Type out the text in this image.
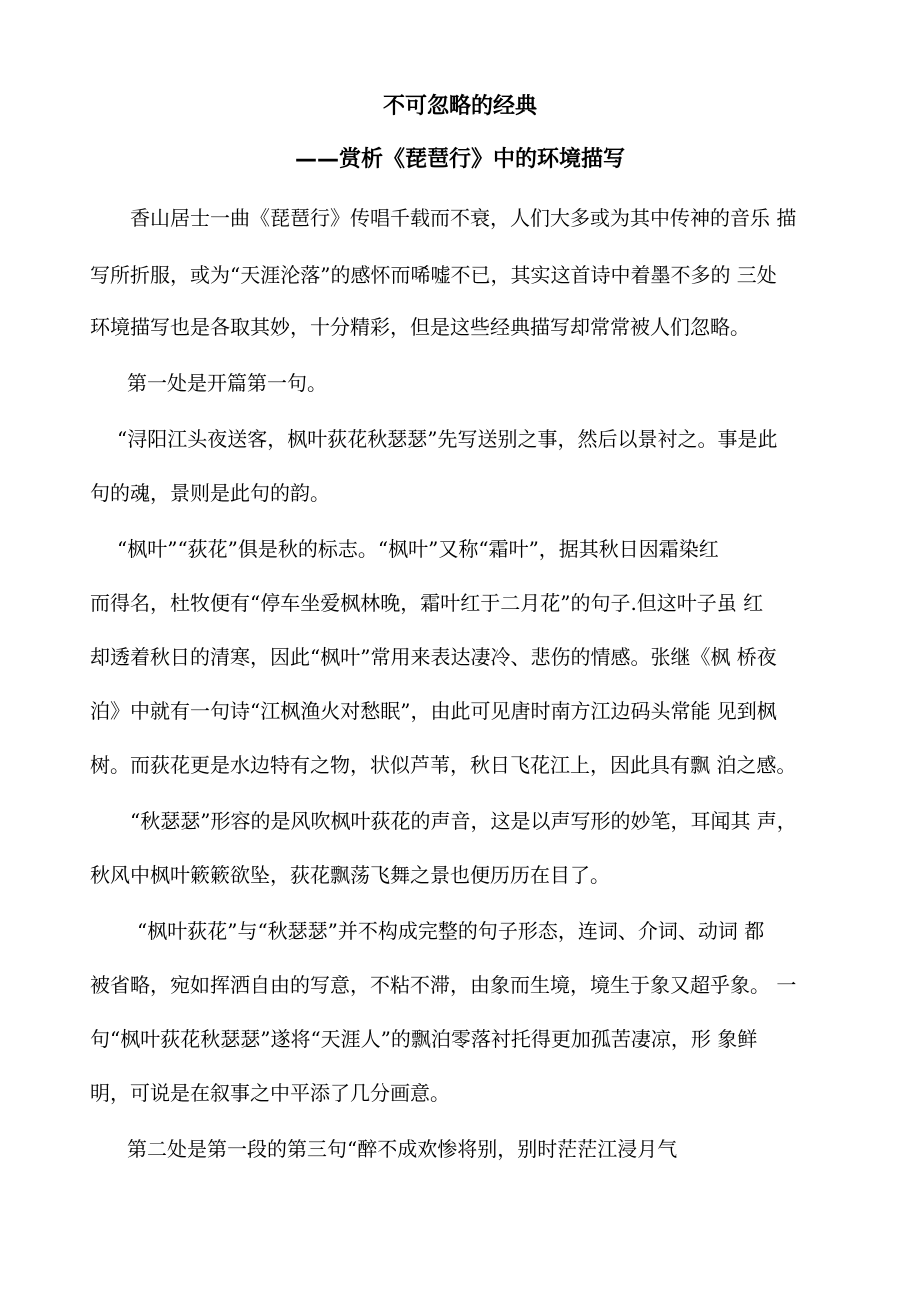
不可忽略的经典
——赏析《琵琶行》中的环境描写

香山居士一曲《琵琶行》传唱千载而不衰，人们大多或为其中传神的音乐 描

写所折服，或为“天涯沦落”的感怀而唏嘘不已，其实这首诗中着墨不多的 三处

环境描写也是各取其妙，十分精彩，但是这些经典描写却常常被人们忽略。

第一处是开篇第一句。

“浔阳江头夜送客，枫叶荻花秋瑟瑟”先写送别之事，然后以景衬之。事是此

句的魂，景则是此句的韵。

“枫叶”“荻花”俱是秋的标志。“枫叶”又称“霜叶”，据其秋日因霜染红

而得名，杜牧便有“停车坐爱枫林晚，霜叶红于二月花”的句子.但这叶子虽 红

却透着秋日的清寒，因此“枫叶”常用来表达凄冷、悲伤的情感。张继《枫 桥夜

泊》中就有一句诗“江枫渔火对愁眠”，由此可见唐时南方江边码头常能 见到枫

树。而荻花更是水边特有之物，状似芦苇，秋日飞花江上，因此具有飘 泊之感。

“秋瑟瑟”形容的是风吹枫叶荻花的声音，这是以声写形的妙笔，耳闻其 声，

秋风中枫叶簌簌欲坠，荻花飘荡飞舞之景也便历历在目了。

“枫叶荻花”与“秋瑟瑟”并不构成完整的句子形态，连词、介词、动词 都

被省略，宛如挥洒自由的写意，不粘不滞，由象而生境，境生于象又超乎象。 一

句“枫叶荻花秋瑟瑟”遂将“天涯人”的飘泊零落衬托得更加孤苦凄凉，形 象鲜

明，可说是在叙事之中平添了几分画意。

第二处是第一段的第三句“醉不成欢惨将别，别时茫茫江浸月气
